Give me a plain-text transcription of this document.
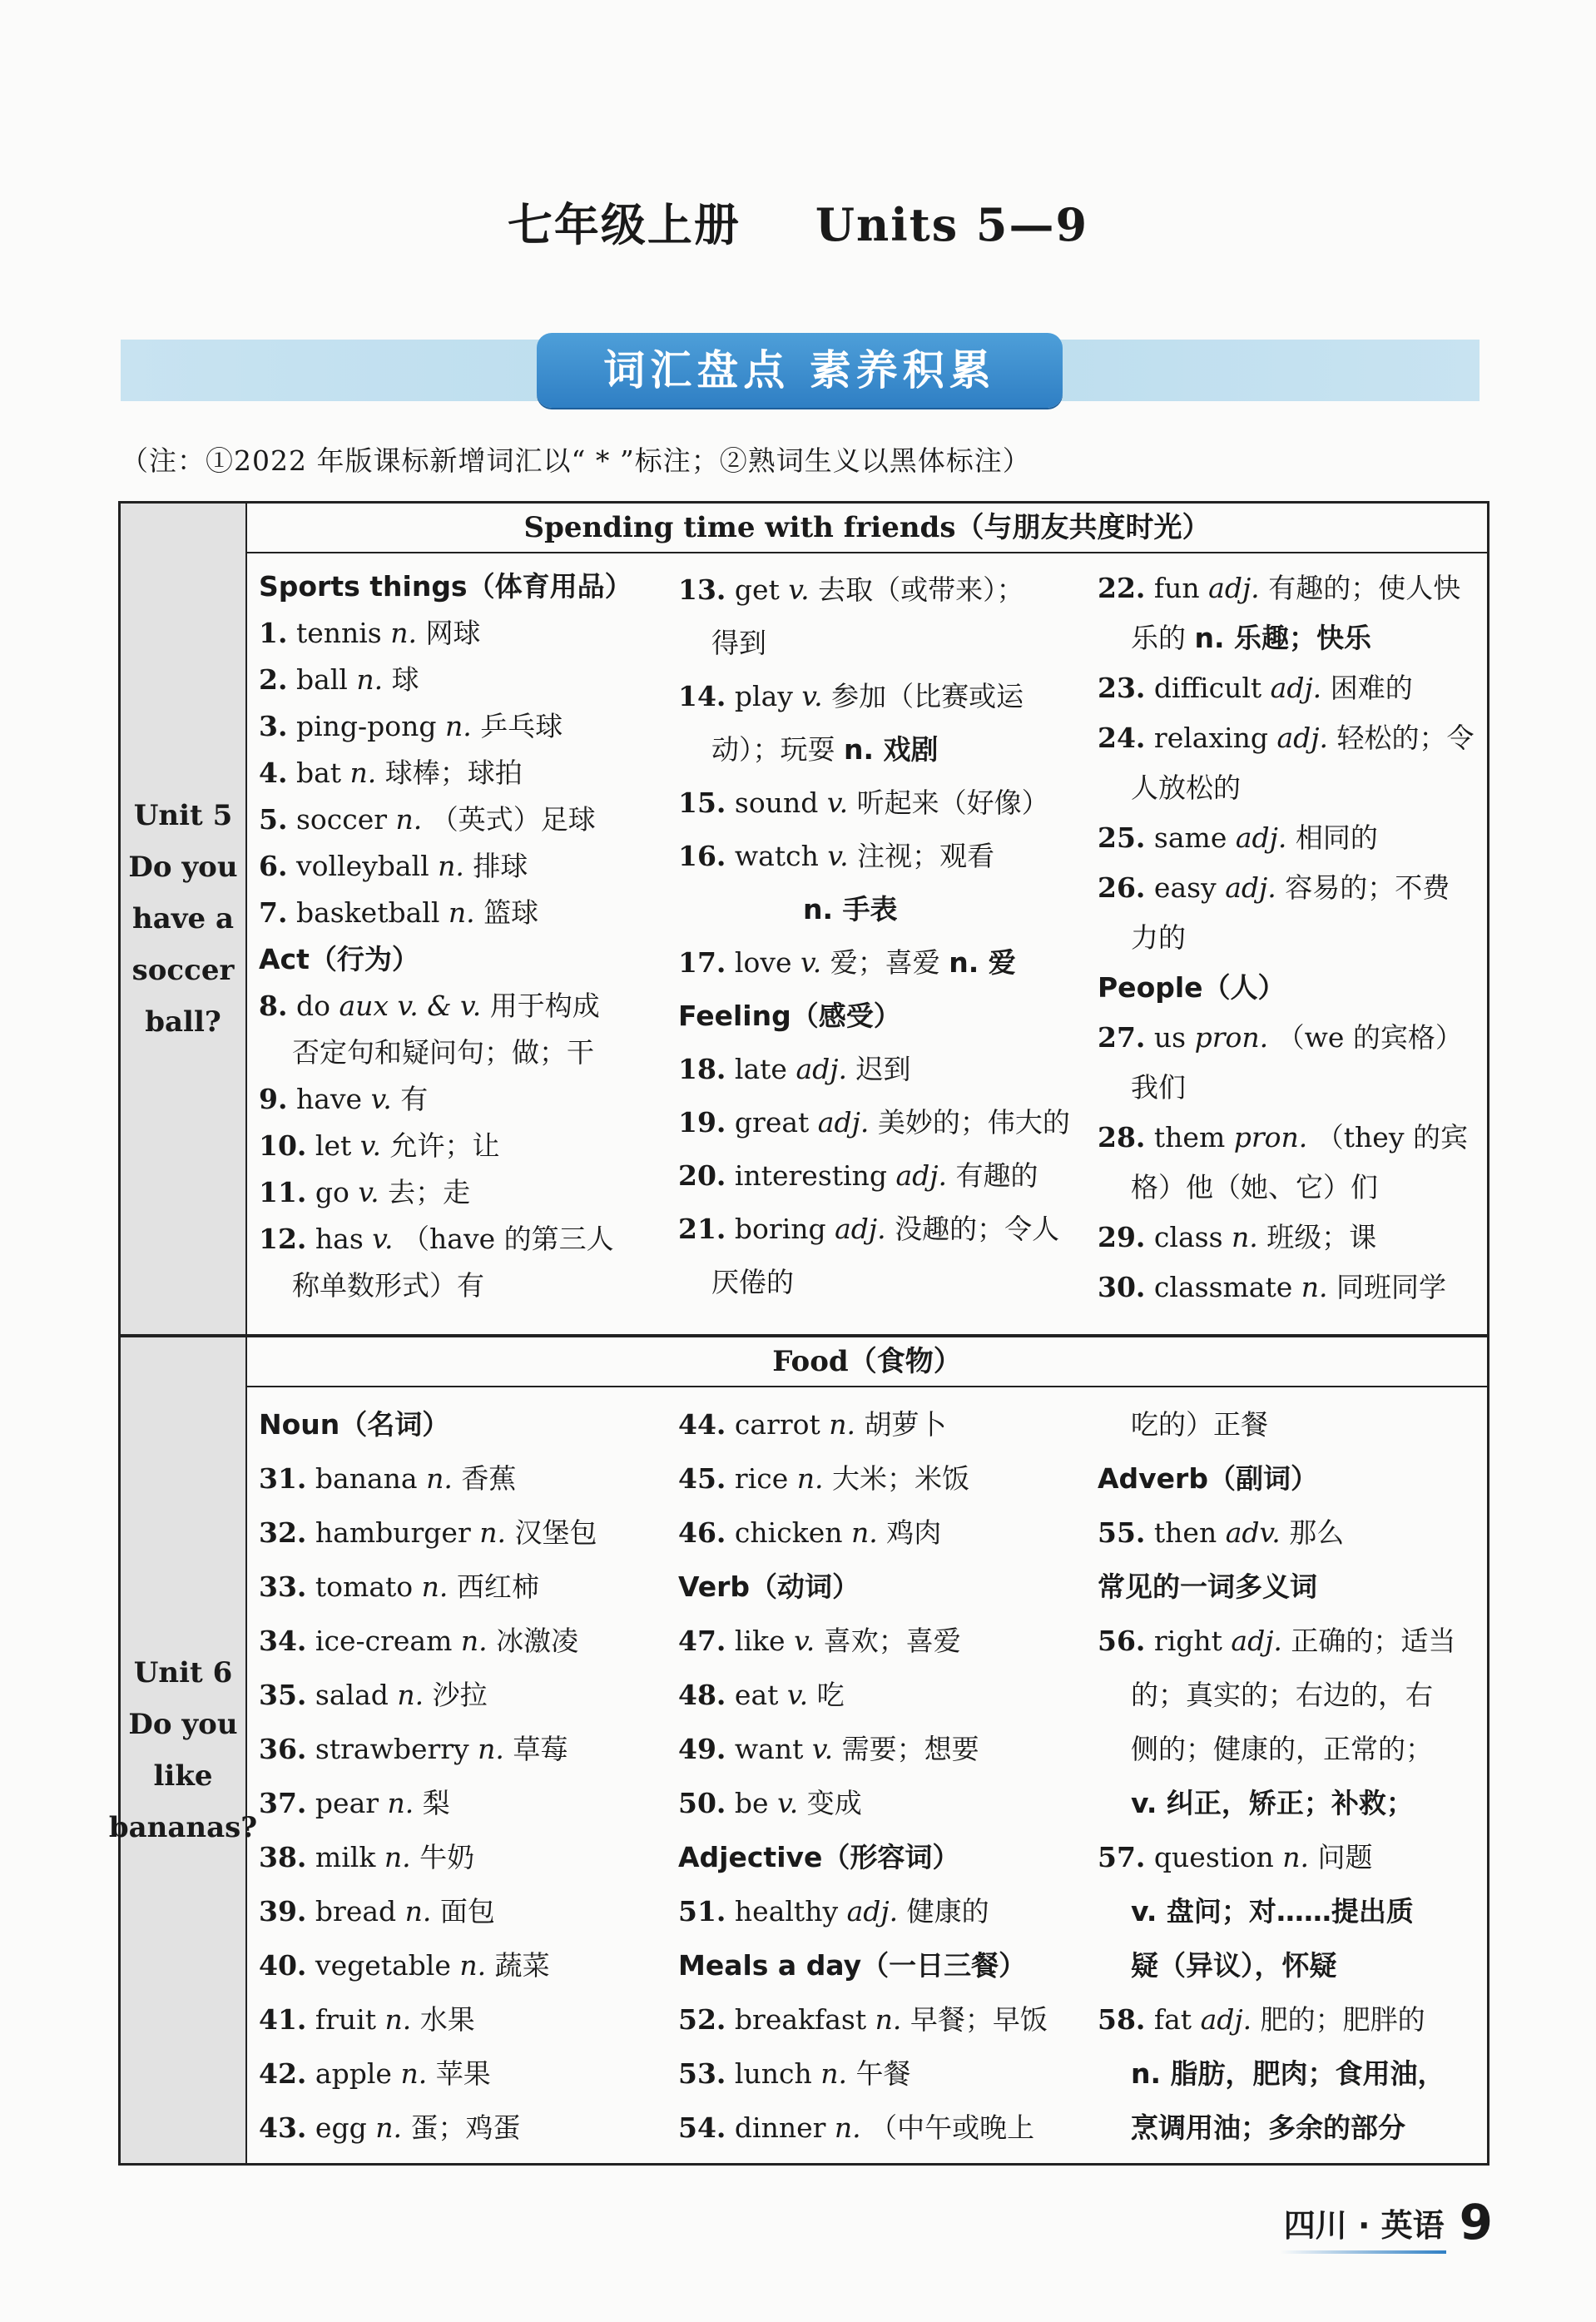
七年级上册 Units 5—9
词汇盘点 素养积累
（注：①2022 年版课标新增词汇以“ * ”标注；②熟词生义以黑体标注）
Unit 5
Do you
have a
soccer
ball?
Spending time with friends（与朋友共度时光）
Sports things（体育用品）
1. tennis n. 网球
2. ball n. 球
3. ping-pong n. 乒乓球
4. bat n. 球棒；球拍
5. soccer n. （英式）足球
6. volleyball n. 排球
7. basketball n. 篮球
Act（行为）
8. do aux v. & v. 用于构成
否定句和疑问句；做；干
9. have v. 有
10. let v. 允许；让
11. go v. 去；走
12. has v. （have 的第三人
称单数形式）有
13. get v. 去取（或带来）；
得到
14. play v. 参加（比赛或运
动）；玩耍 n. 戏剧
15. sound v. 听起来（好像）
16. watch v. 注视；观看
n. 手表
17. love v. 爱；喜爱 n. 爱
Feeling（感受）
18. late adj. 迟到
19. great adj. 美妙的；伟大的
20. interesting adj. 有趣的
21. boring adj. 没趣的；令人
厌倦的
22. fun adj. 有趣的；使人快
乐的 n. 乐趣；快乐
23. difficult adj. 困难的
24. relaxing adj. 轻松的；令
人放松的
25. same adj. 相同的
26. easy adj. 容易的；不费
力的
People（人）
27. us pron. （we 的宾格）
我们
28. them pron. （they 的宾
格）他（她、它）们
29. class n. 班级；课
30. classmate n. 同班同学
Unit 6
Do you
like
bananas?
Food（食物）
Noun（名词）
31. banana n. 香蕉
32. hamburger n. 汉堡包
33. tomato n. 西红柿
34. ice-cream n. 冰激凌
35. salad n. 沙拉
36. strawberry n. 草莓
37. pear n. 梨
38. milk n. 牛奶
39. bread n. 面包
40. vegetable n. 蔬菜
41. fruit n. 水果
42. apple n. 苹果
43. egg n. 蛋；鸡蛋
44. carrot n. 胡萝卜
45. rice n. 大米；米饭
46. chicken n. 鸡肉
Verb（动词）
47. like v. 喜欢；喜爱
48. eat v. 吃
49. want v. 需要；想要
50. be v. 变成
Adjective（形容词）
51. healthy adj. 健康的
Meals a day（一日三餐）
52. breakfast n. 早餐；早饭
53. lunch n. 午餐
54. dinner n. （中午或晚上
吃的）正餐
Adverb（副词）
55. then adv. 那么
常见的一词多义词
56. right adj. 正确的；适当
的；真实的；右边的，右
侧的；健康的，正常的；
v. 纠正，矫正；补救；
57. question n. 问题
v. 盘问；对……提出质
疑（异议），怀疑
58. fat adj. 肥的；肥胖的
n. 脂肪，肥肉；食用油，
烹调用油；多余的部分
四川 · 英语 9
